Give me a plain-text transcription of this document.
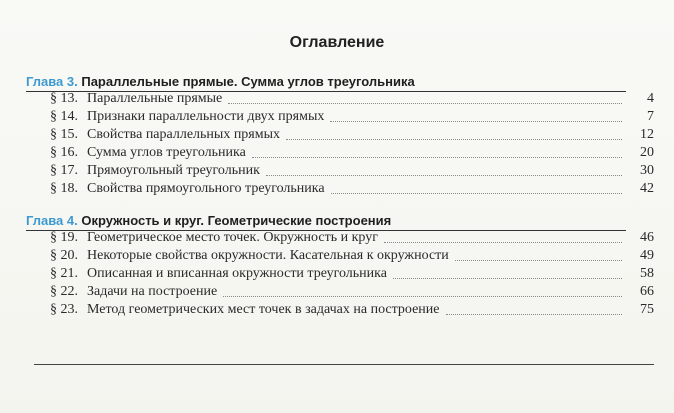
Оглавление
Глава 3. Параллельные прямые. Сумма углов треугольника
§ 13. Параллельные прямые	4
§ 14. Признаки параллельности двух прямых	7
§ 15. Свойства параллельных прямых	12
§ 16. Сумма углов треугольника	20
§ 17. Прямоугольный треугольник	30
§ 18. Свойства прямоугольного треугольника	42
Глава 4. Окружность и круг. Геометрические построения
§ 19. Геометрическое место точек. Окружность и круг	46
§ 20. Некоторые свойства окружности. Касательная к окружности	49
§ 21. Описанная и вписанная окружности треугольника	58
§ 22. Задачи на построение	66
§ 23. Метод геометрических мест точек в задачах на построение	75
